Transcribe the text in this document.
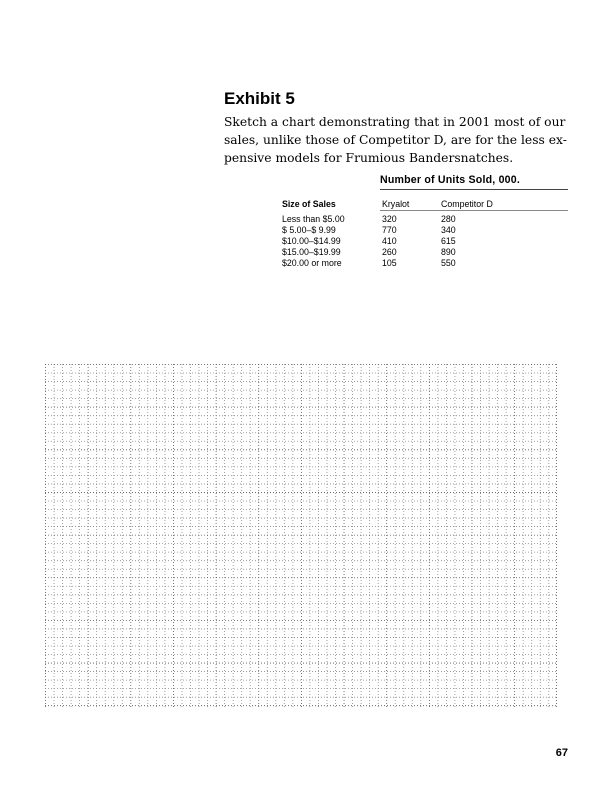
Exhibit 5
Sketch a chart demonstrating that in 2001 most of our
sales, unlike those of Competitor D, are for the less ex-
pensive models for Frumious Bandersnatches.
Number of Units Sold, 000.
Size of Sales	Kryalot	Competitor D
Less than $5.00	320	280
$ 5.00–$ 9.99	770	340
$10.00–$14.99	410	615
$15.00–$19.99	260	890
$20.00 or more	105	550
67
